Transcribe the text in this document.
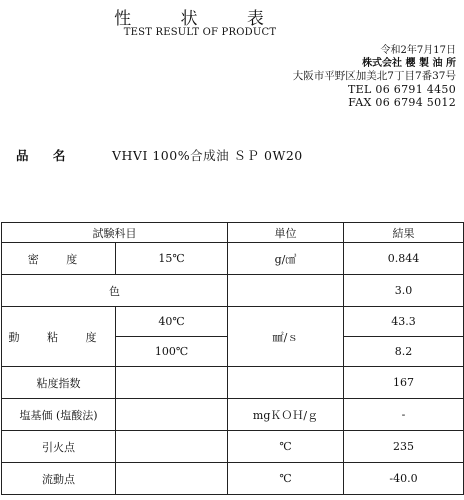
性 状 表
TEST RESULT OF PRODUCT
令和2年7月17日
株式会社 櫻 製 油 所
大阪市平野区加美北7丁目7番37号
TEL 06 6791 4450
FAX 06 6794 5012
品 名	VHVI 100%合成油 ＳＰ 0W20
試験科目		単位	結果
密 度	15℃	g/㎤	0.844
色			3.0
動 粘 度	40℃	㎟/ｓ	43.3
	100℃		8.2
粘度指数			167
塩基価 (塩酸法)		mgＫＯＨ/ｇ	-
引火点		℃	235
流動点		℃	-40.0
